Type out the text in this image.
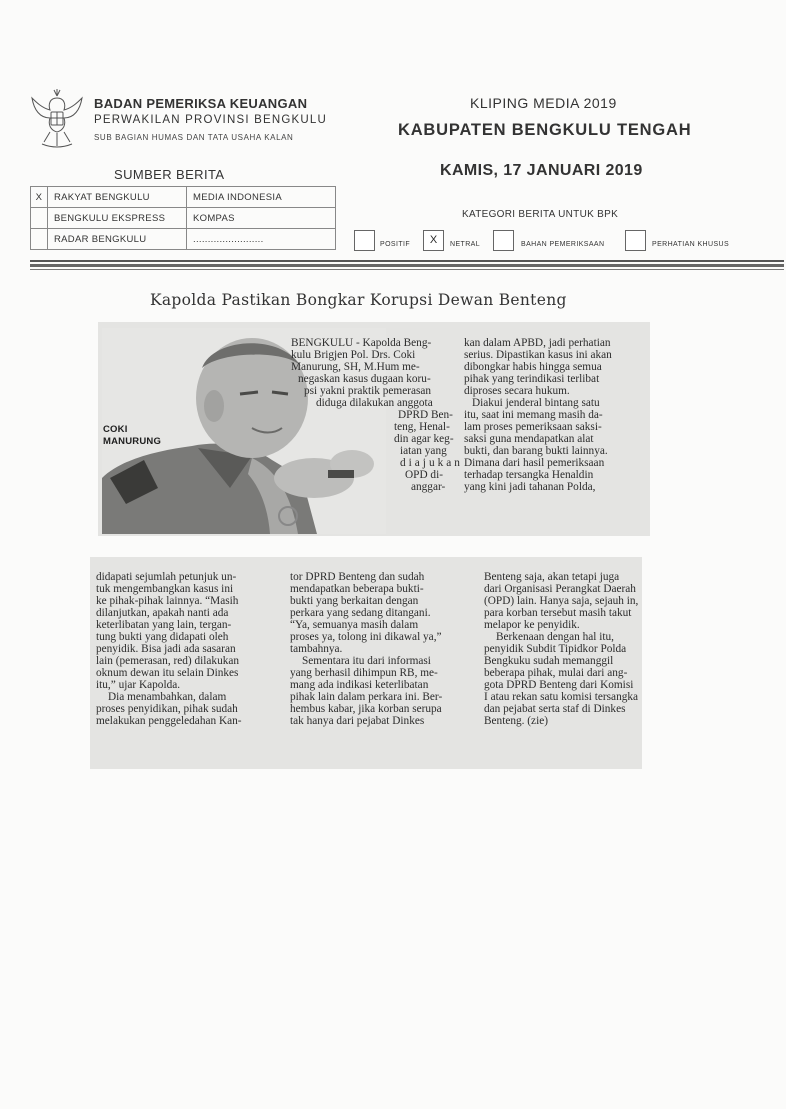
BADAN PEMERIKSA KEUANGAN
PERWAKILAN PROVINSI BENGKULU
SUB BAGIAN HUMAS DAN TATA USAHA KALAN
KLIPING MEDIA 2019
KABUPATEN BENGKULU TENGAH
KAMIS, 17 JANUARI 2019
SUMBER BERITA
X	RAKYAT BENGKULU	MEDIA INDONESIA
	BENGKULU EKSPRESS	KOMPAS
	RADAR BENGKULU	........................
KATEGORI BERITA UNTUK BPK
POSITIF	X	NETRAL	BAHAN PEMERIKSAAN	PERHATIAN KHUSUS
Kapolda Pastikan Bongkar Korupsi Dewan Benteng
COKI
MANURUNG
BENGKULU - Kapolda Beng-
kulu Brigjen Pol. Drs. Coki
Manurung, SH, M.Hum me-
negaskan kasus dugaan koru-
psi yakni praktik pemerasan
diduga dilakukan anggota
DPRD Ben-
teng, Henal-
din agar keg-
iatan yang
diajukan
OPD di-
anggar-
kan dalam APBD, jadi perhatian
serius. Dipastikan kasus ini akan
dibongkar habis hingga semua
pihak yang terindikasi terlibat
diproses secara hukum.
Diakui jenderal bintang satu
itu, saat ini memang masih da-
lam proses pemeriksaan saksi-
saksi guna mendapatkan alat
bukti, dan barang bukti lainnya.
Dimana dari hasil pemeriksaan
terhadap tersangka Henaldin
yang kini jadi tahanan Polda,
didapati sejumlah petunjuk un-
tuk mengembangkan kasus ini
ke pihak-pihak lainnya. “Masih
dilanjutkan, apakah nanti ada
keterlibatan yang lain, tergan-
tung bukti yang didapati oleh
penyidik. Bisa jadi ada sasaran
lain (pemerasan, red) dilakukan
oknum dewan itu selain Dinkes
itu,” ujar Kapolda.
Dia menambahkan, dalam
proses penyidikan, pihak sudah
melakukan penggeledahan Kan-
tor DPRD Benteng dan sudah
mendapatkan beberapa bukti-
bukti yang berkaitan dengan
perkara yang sedang ditangani.
“Ya, semuanya masih dalam
proses ya, tolong ini dikawal ya,”
tambahnya.
Sementara itu dari informasi
yang berhasil dihimpun RB, me-
mang ada indikasi keterlibatan
pihak lain dalam perkara ini. Ber-
hembus kabar, jika korban serupa
tak hanya dari pejabat Dinkes
Benteng saja, akan tetapi juga
dari Organisasi Perangkat Daerah
(OPD) lain. Hanya saja, sejauh in,
para korban tersebut masih takut
melapor ke penyidik.
Berkenaan dengan hal itu,
penyidik Subdit Tipidkor Polda
Bengkuku sudah memanggil
beberapa pihak, mulai dari ang-
gota DPRD Benteng dari Komisi
I atau rekan satu komisi tersangka
dan pejabat serta staf di Dinkes
Benteng. (zie)
